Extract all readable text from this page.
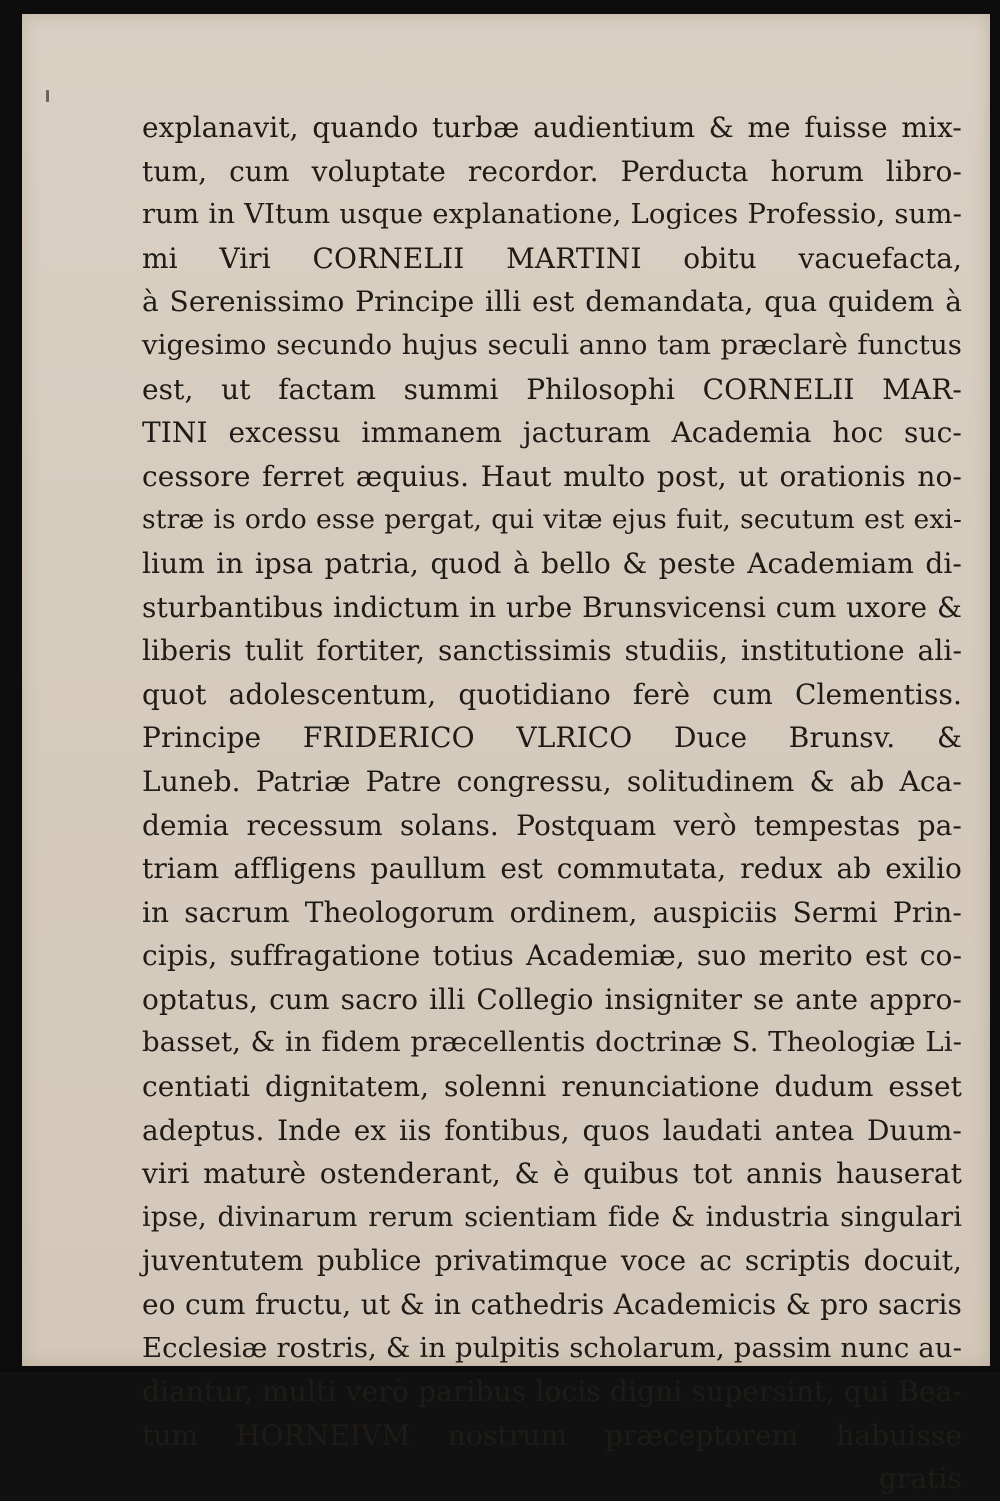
explanavit, quando turbæ audientium & me fuisse mix-
tum, cum voluptate recordor. Perducta horum libro-
rum in VItum usque explanatione, Logices Professio, sum-
mi Viri CORNELII MARTINI obitu vacuefacta,
à Serenissimo Principe illi est demandata, qua quidem à
vigesimo secundo hujus seculi anno tam præclarè functus
est, ut factam summi Philosophi CORNELII MAR-
TINI excessu immanem jacturam Academia hoc suc-
cessore ferret æquius. Haut multo post, ut orationis no-
stræ is ordo esse pergat, qui vitæ ejus fuit, secutum est exi-
lium in ipsa patria, quod à bello & peste Academiam di-
sturbantibus indictum in urbe Brunsvicensi cum uxore &
liberis tulit fortiter, sanctissimis studiis, institutione ali-
quot adolescentum, quotidiano ferè cum Clementiss.
Principe FRIDERICO VLRICO Duce Brunsv. &
Luneb. Patriæ Patre congressu, solitudinem & ab Aca-
demia recessum solans. Postquam verò tempestas pa-
triam affligens paullum est commutata, redux ab exilio
in sacrum Theologorum ordinem, auspiciis Sermi Prin-
cipis, suffragatione totius Academiæ, suo merito est co-
optatus, cum sacro illi Collegio insigniter se ante appro-
basset, & in fidem præcellentis doctrinæ S. Theologiæ Li-
centiati dignitatem, solenni renunciatione dudum esset
adeptus. Inde ex iis fontibus, quos laudati antea Duum-
viri maturè ostenderant, & è quibus tot annis hauserat
ipse, divinarum rerum scientiam fide & industria singulari
juventutem publice privatimque voce ac scriptis docuit,
eo cum fructu, ut & in cathedris Academicis & pro sacris
Ecclesiæ rostris, & in pulpitis scholarum, passim nunc au-
diantur, multi verò paribus locis digni supersint, qui Bea-
tum HORNEIVM nostrum præceptorem habuisse
gratis
